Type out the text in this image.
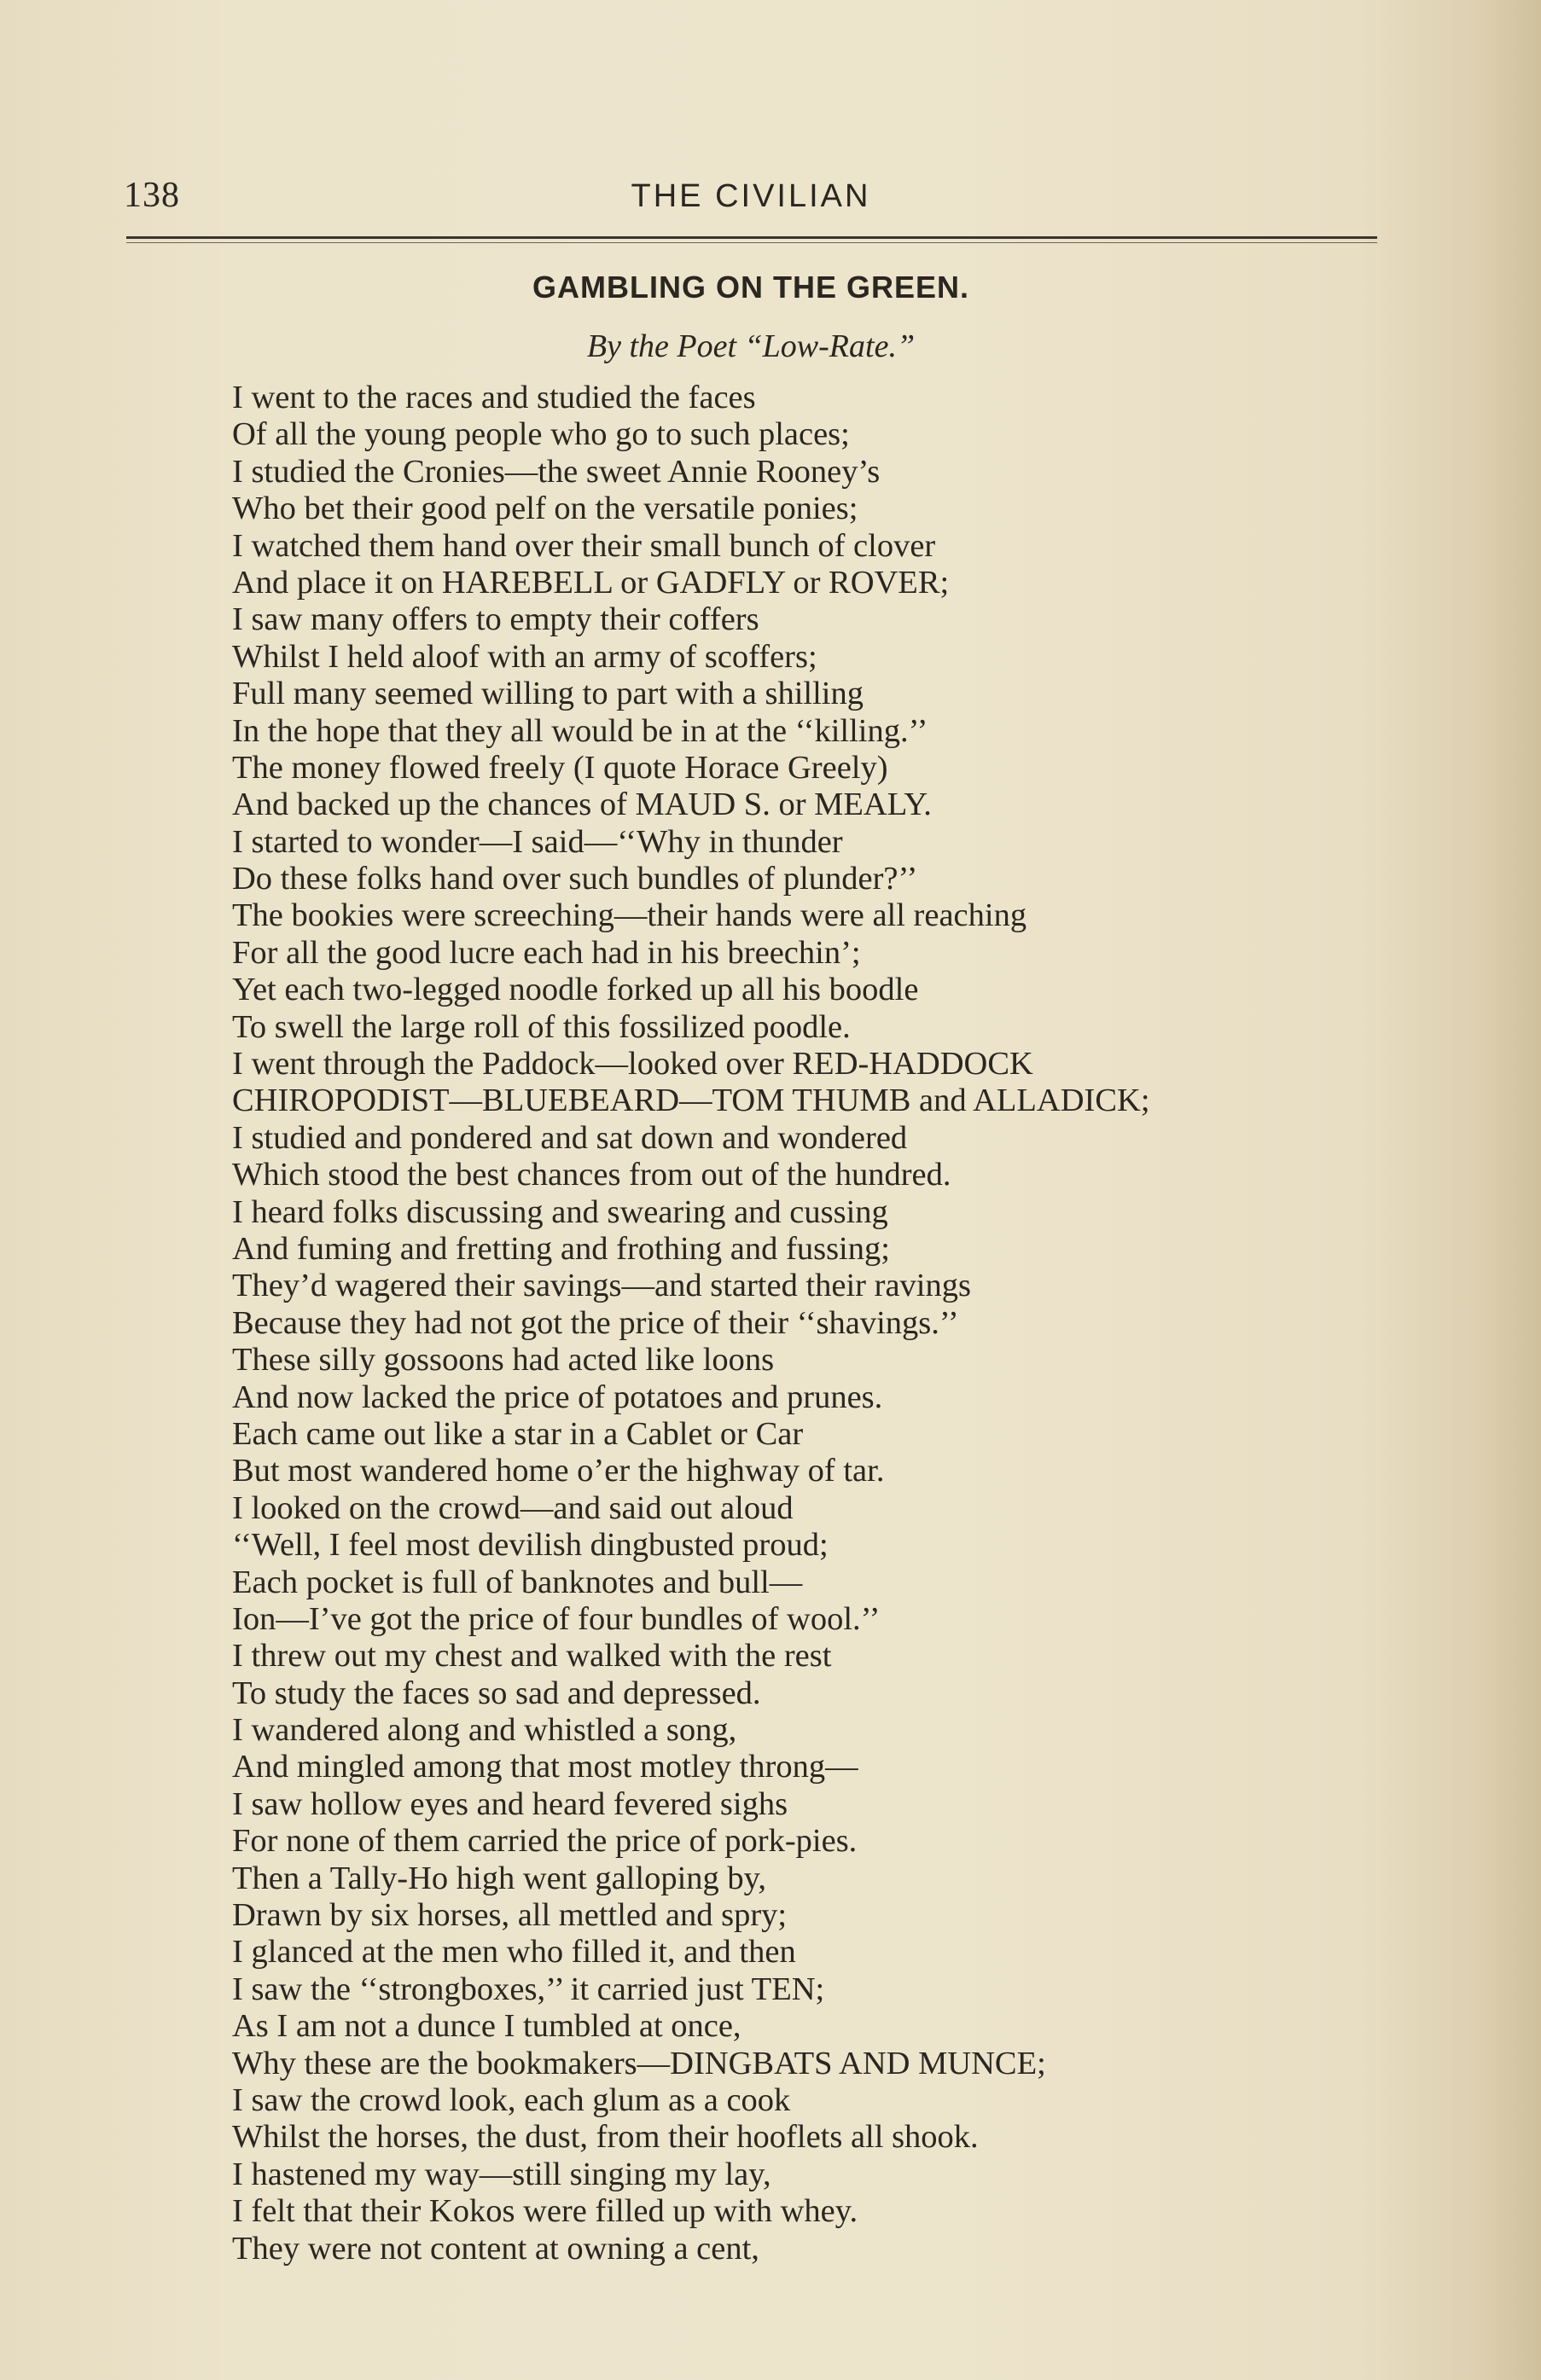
138	THE CIVILIAN
GAMBLING ON THE GREEN.
By the Poet “Low-Rate.”
I went to the races and studied the faces
Of all the young people who go to such places;
I studied the Cronies—the sweet Annie Rooney’s
Who bet their good pelf on the versatile ponies;
I watched them hand over their small bunch of clover
And place it on HAREBELL or GADFLY or ROVER;
I saw many offers to empty their coffers
Whilst I held aloof with an army of scoffers;
Full many seemed willing to part with a shilling
In the hope that they all would be in at the ‘‘killing.’’
The money flowed freely (I quote Horace Greely)
And backed up the chances of MAUD S. or MEALY.
I started to wonder—I said—‘‘Why in thunder
Do these folks hand over such bundles of plunder?’’
The bookies were screeching—their hands were all reaching
For all the good lucre each had in his breechin’;
Yet each two-legged noodle forked up all his boodle
To swell the large roll of this fossilized poodle.
I went through the Paddock—looked over RED-HADDOCK
CHIROPODIST—BLUEBEARD—TOM THUMB and ALLADICK;
I studied and pondered and sat down and wondered
Which stood the best chances from out of the hundred.
I heard folks discussing and swearing and cussing
And fuming and fretting and frothing and fussing;
They’d wagered their savings—and started their ravings
Because they had not got the price of their ‘‘shavings.’’
These silly gossoons had acted like loons
And now lacked the price of potatoes and prunes.
Each came out like a star in a Cablet or Car
But most wandered home o’er the highway of tar.
I looked on the crowd—and said out aloud
‘‘Well, I feel most devilish dingbusted proud;
Each pocket is full of banknotes and bull—
Ion—I’ve got the price of four bundles of wool.’’
I threw out my chest and walked with the rest
To study the faces so sad and depressed.
I wandered along and whistled a song,
And mingled among that most motley throng—
I saw hollow eyes and heard fevered sighs
For none of them carried the price of pork-pies.
Then a Tally-Ho high went galloping by,
Drawn by six horses, all mettled and spry;
I glanced at the men who filled it, and then
I saw the ‘‘strongboxes,’’ it carried just TEN;
As I am not a dunce I tumbled at once,
Why these are the bookmakers—DINGBATS AND MUNCE;
I saw the crowd look, each glum as a cook
Whilst the horses, the dust, from their hooflets all shook.
I hastened my way—still singing my lay,
I felt that their Kokos were filled up with whey.
They were not content at owning a cent,
